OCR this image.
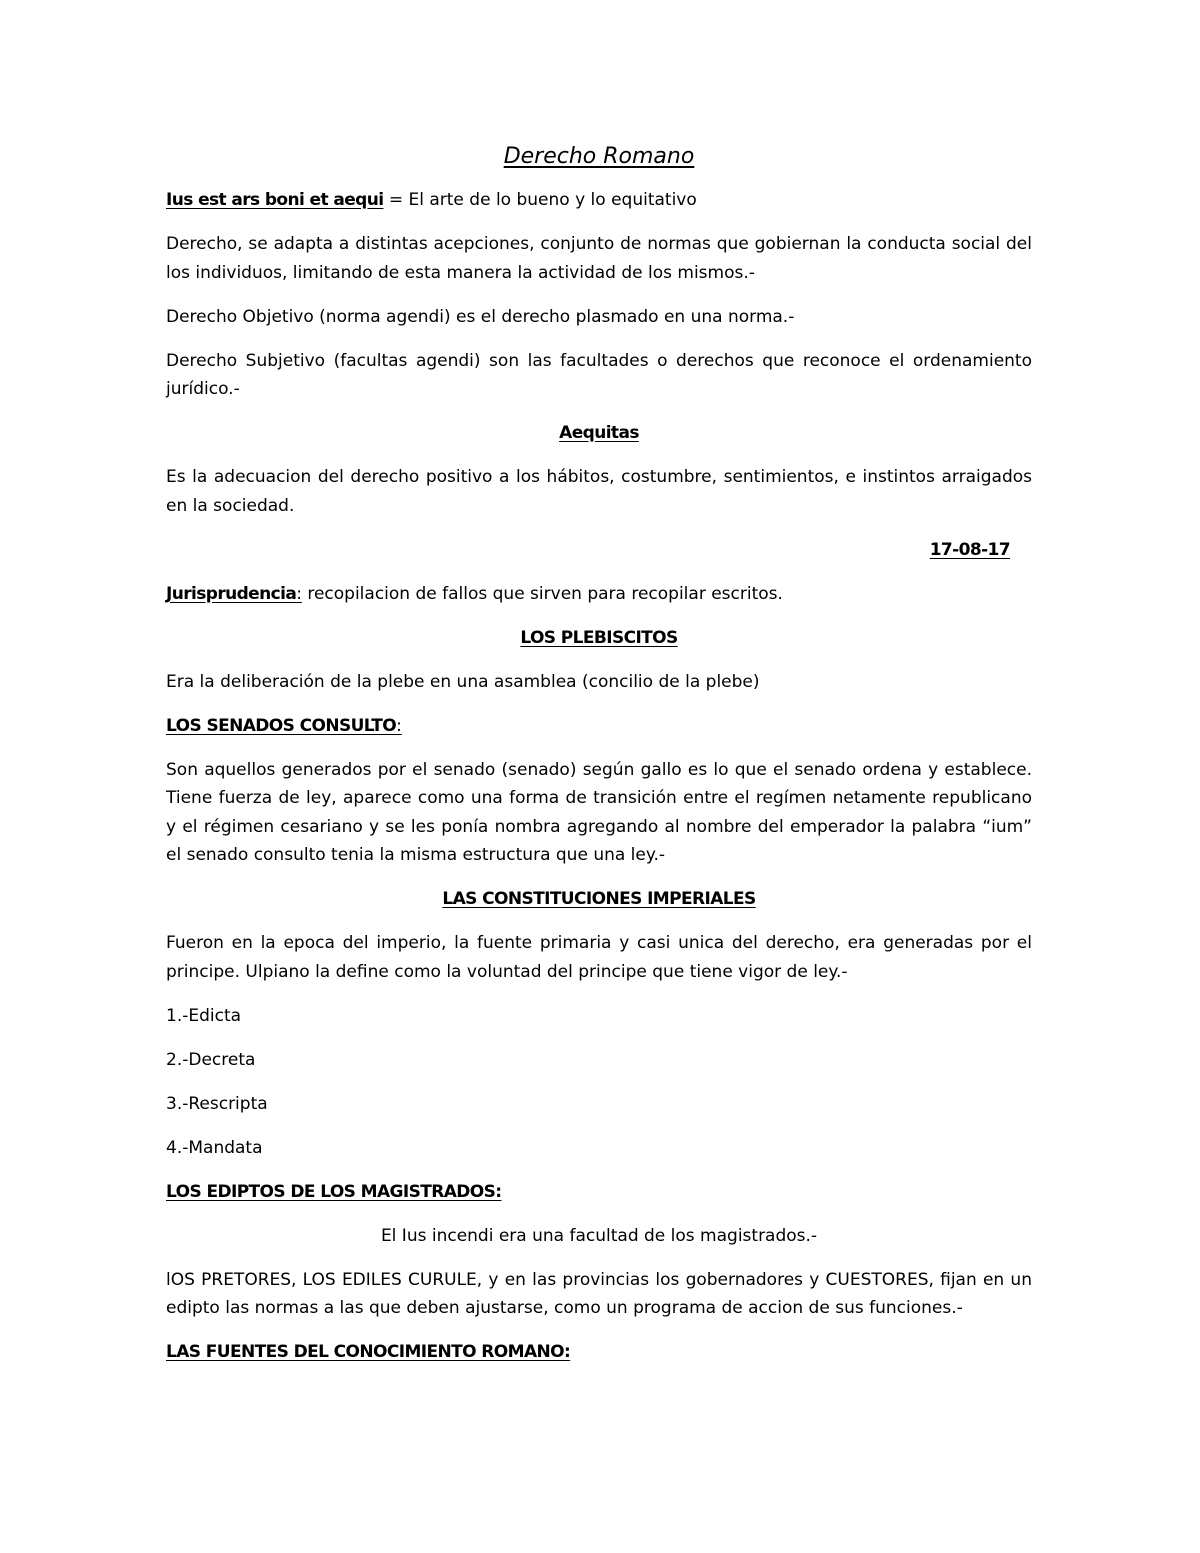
Derecho Romano

Ius est ars boni et aequi = El arte de lo bueno y lo equitativo

Derecho, se adapta a distintas acepciones, conjunto de normas que gobiernan la conducta social del los individuos, limitando de esta manera la actividad de los mismos.-

Derecho Objetivo (norma agendi) es el derecho plasmado en una norma.-

Derecho Subjetivo (facultas agendi) son las facultades o derechos que reconoce el ordenamiento jurídico.-

Aequitas

Es la adecuacion del derecho positivo a los hábitos, costumbre, sentimientos, e instintos arraigados en la sociedad.

17-08-17

Jurisprudencia: recopilacion de fallos que sirven para recopilar escritos.

LOS PLEBISCITOS

Era la deliberación de la plebe en una asamblea (concilio de la plebe)

LOS SENADOS CONSULTO:

Son aquellos generados por el senado (senado) según gallo es lo que el senado ordena y establece. Tiene fuerza de ley, aparece como una forma de transición entre el regímen netamente republicano y el régimen cesariano y se les ponía nombra agregando al nombre del emperador la palabra “ium” el senado consulto tenia la misma estructura que una ley.-

LAS CONSTITUCIONES IMPERIALES

Fueron en la epoca del imperio, la fuente primaria y casi unica del derecho, era generadas por el principe. Ulpiano la define como la voluntad del principe que tiene vigor de ley.-

1.-Edicta

2.-Decreta

3.-Rescripta

4.-Mandata

LOS EDIPTOS DE LOS MAGISTRADOS:

El Ius incendi era una facultad de los magistrados.-

lOS PRETORES, LOS EDILES CURULE, y en las provincias los gobernadores y CUESTORES, fijan en un edipto las normas a las que deben ajustarse, como un programa de accion de sus funciones.-

LAS FUENTES DEL CONOCIMIENTO ROMANO:
